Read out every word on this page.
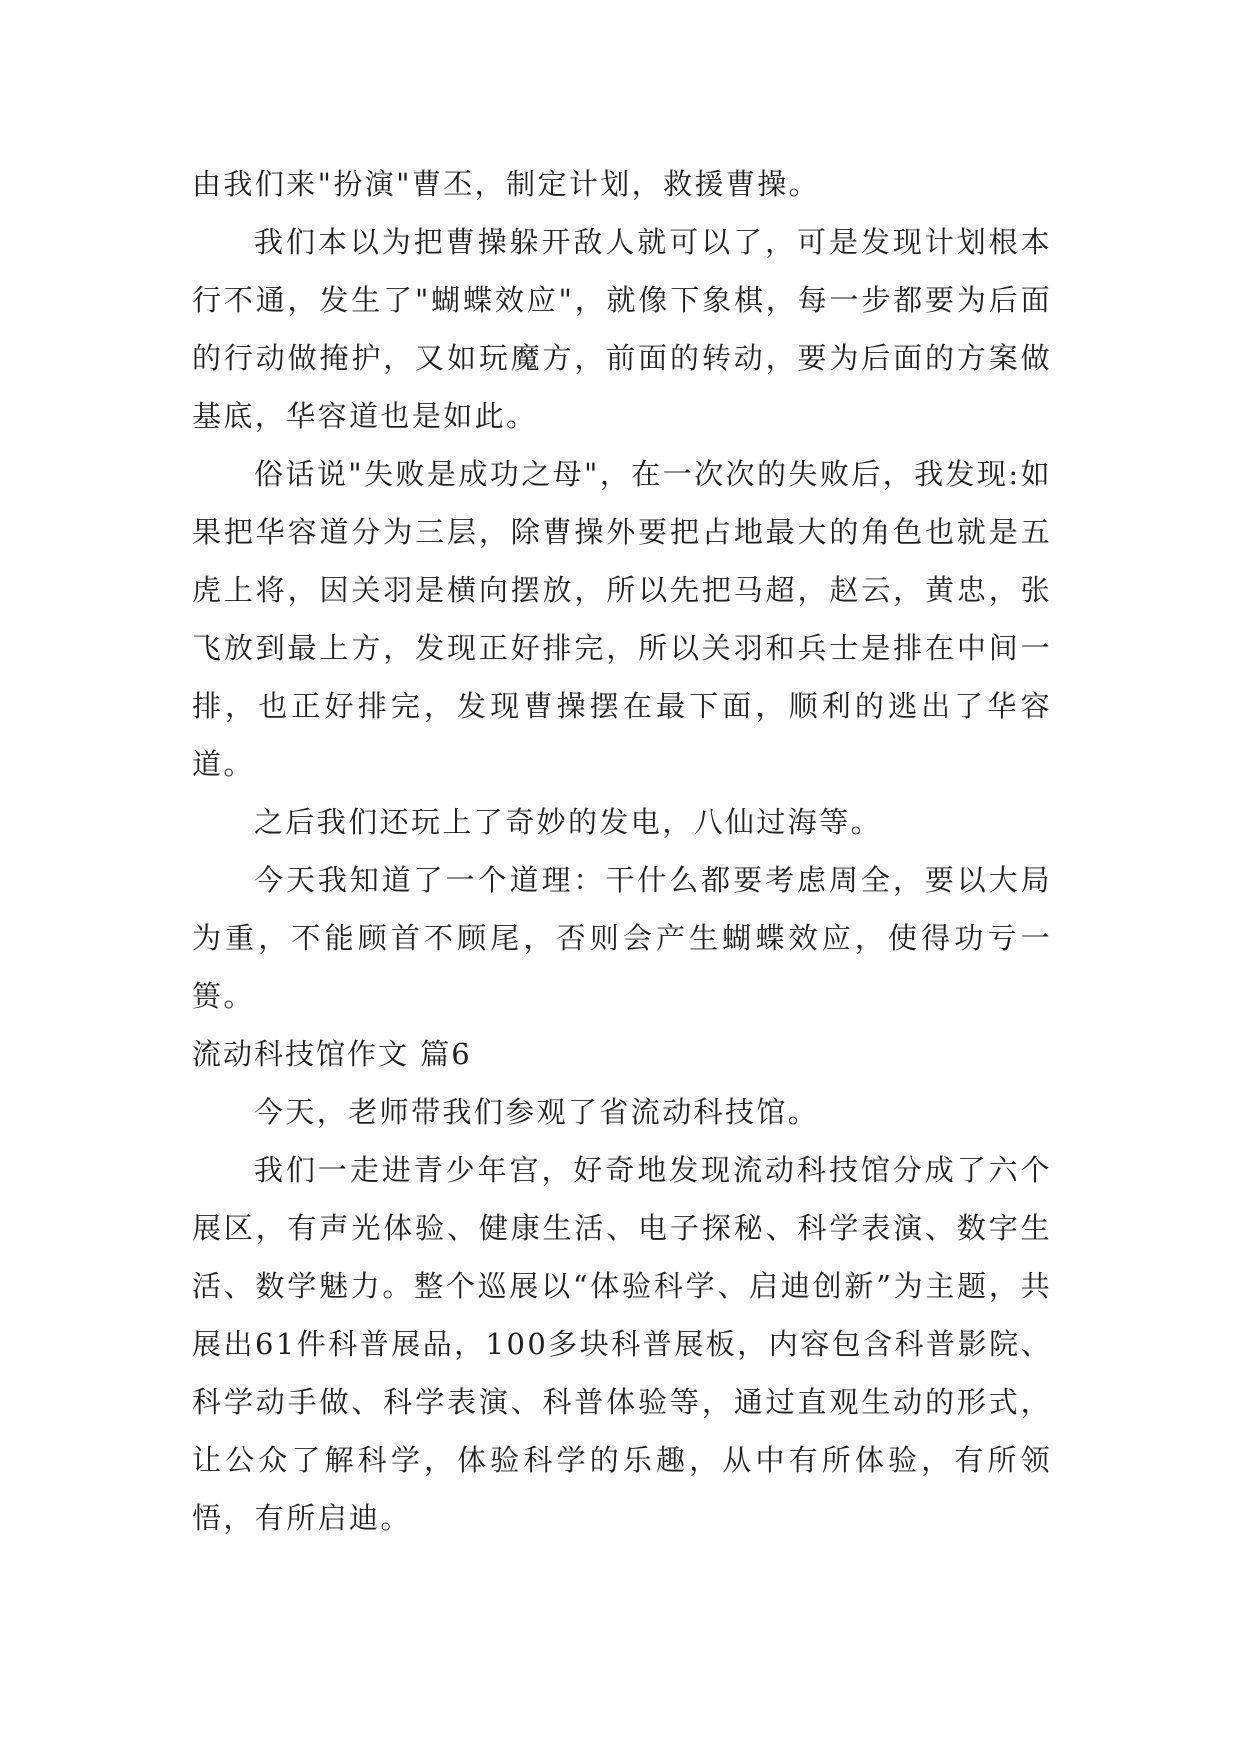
由我们来"扮演"曹丕，制定计划，救援曹操。

我们本以为把曹操躲开敌人就可以了，可是发现计划根本行不通，发生了"蝴蝶效应"，就像下象棋，每一步都要为后面的行动做掩护，又如玩魔方，前面的转动，要为后面的方案做基底，华容道也是如此。

俗话说"失败是成功之母"，在一次次的失败后，我发现:如果把华容道分为三层，除曹操外要把占地最大的角色也就是五虎上将，因关羽是横向摆放，所以先把马超，赵云，黄忠，张飞放到最上方，发现正好排完，所以关羽和兵士是排在中间一排，也正好排完，发现曹操摆在最下面，顺利的逃出了华容道。

之后我们还玩上了奇妙的发电，八仙过海等。

今天我知道了一个道理：干什么都要考虑周全，要以大局为重，不能顾首不顾尾，否则会产生蝴蝶效应，使得功亏一篑。

流动科技馆作文 篇6

今天，老师带我们参观了省流动科技馆。

我们一走进青少年宫，好奇地发现流动科技馆分成了六个展区，有声光体验、健康生活、电子探秘、科学表演、数字生活、数学魅力。整个巡展以“体验科学、启迪创新”为主题，共展出61件科普展品，100多块科普展板，内容包含科普影院、科学动手做、科学表演、科普体验等，通过直观生动的形式，让公众了解科学，体验科学的乐趣，从中有所体验，有所领悟，有所启迪。
